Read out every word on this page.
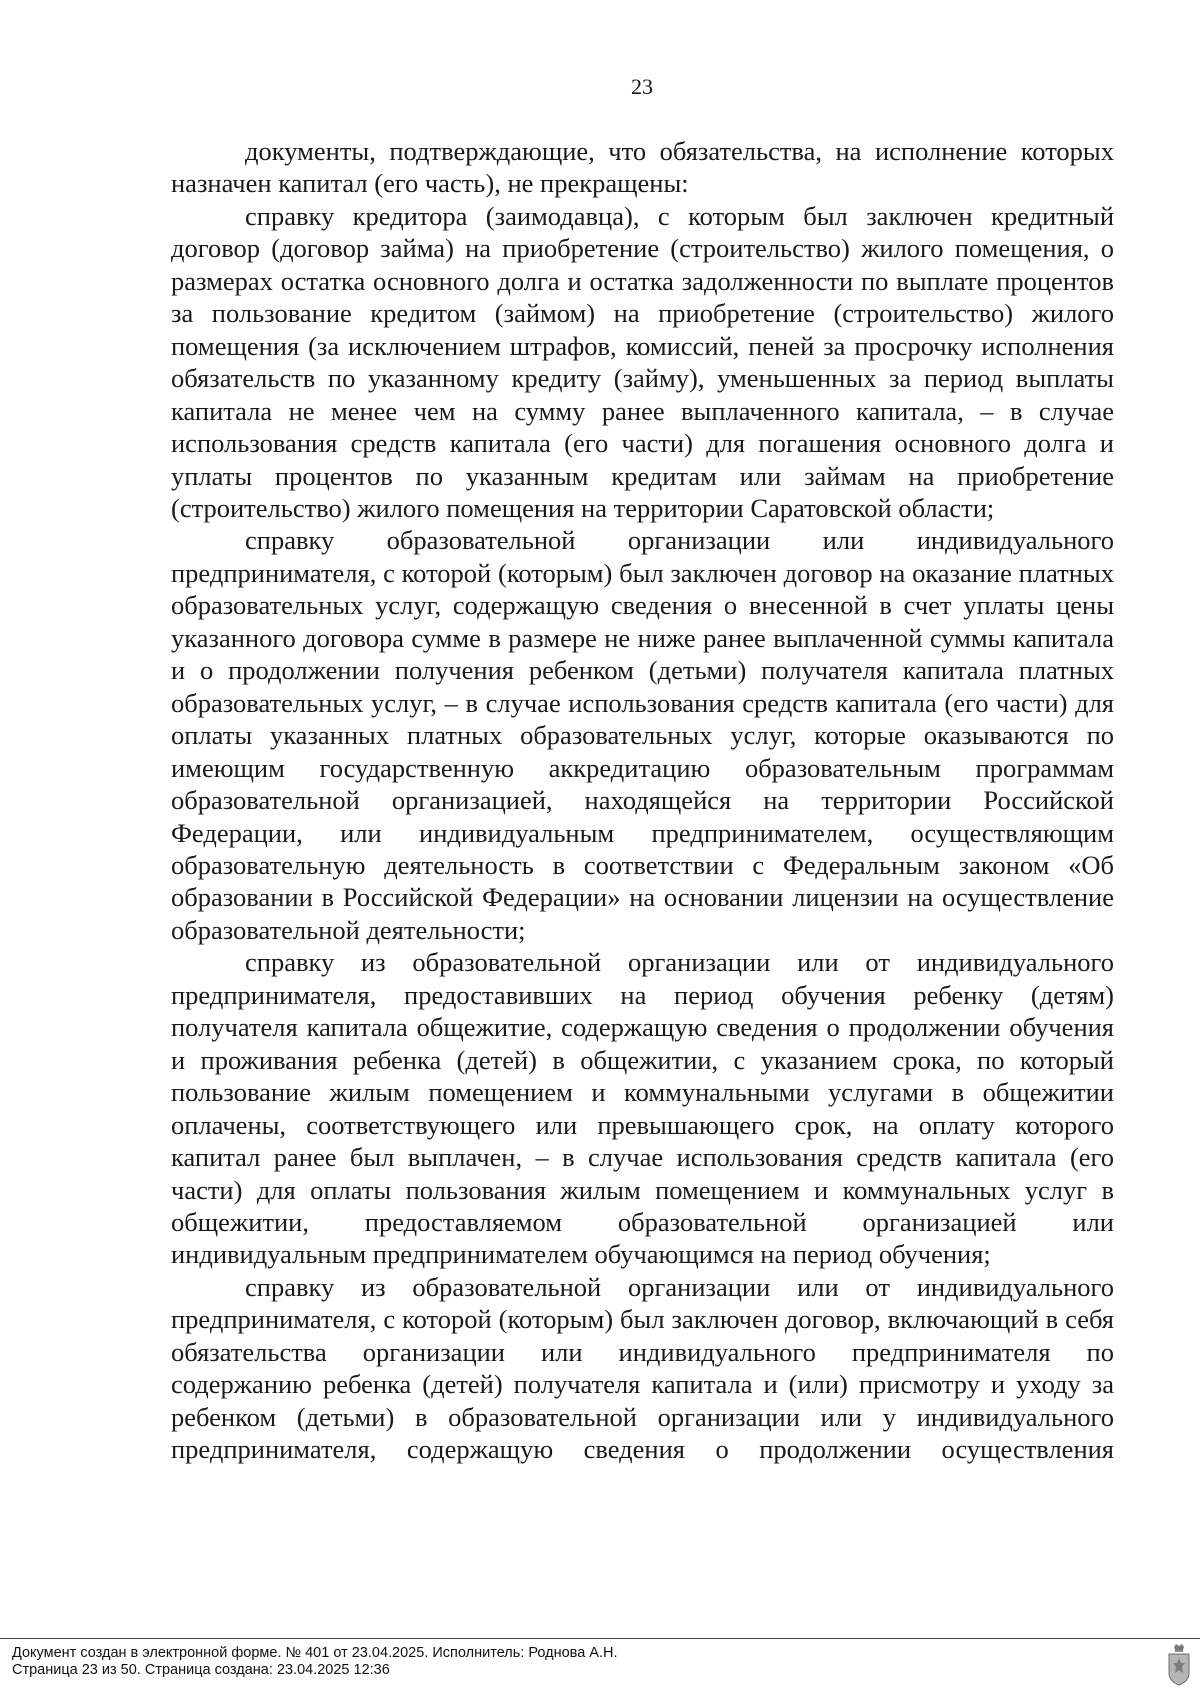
23

документы, подтверждающие, что обязательства, на исполнение которых назначен капитал (его часть), не прекращены:

справку кредитора (заимодавца), с которым был заключен кредитный договор (договор займа) на приобретение (строительство) жилого помещения, о размерах остатка основного долга и остатка задолженности по выплате процентов за пользование кредитом (займом) на приобретение (строительство) жилого помещения (за исключением штрафов, комиссий, пеней за просрочку исполнения обязательств по указанному кредиту (займу), уменьшенных за период выплаты капитала не менее чем на сумму ранее выплаченного капитала, – в случае использования средств капитала (его части) для погашения основного долга и уплаты процентов по указанным кредитам или займам на приобретение (строительство) жилого помещения на территории Саратовской области;

справку образовательной организации или индивидуального предпринимателя, с которой (которым) был заключен договор на оказание платных образовательных услуг, содержащую сведения о внесенной в счет уплаты цены указанного договора сумме в размере не ниже ранее выплаченной суммы капитала и о продолжении получения ребенком (детьми) получателя капитала платных образовательных услуг, – в случае использования средств капитала (его части) для оплаты указанных платных образовательных услуг, которые оказываются по имеющим государственную аккредитацию образовательным программам образовательной организацией, находящейся на территории Российской Федерации, или индивидуальным предпринимателем, осуществляющим образовательную деятельность в соответствии с Федеральным законом «Об образовании в Российской Федерации» на основании лицензии на осуществление образовательной деятельности;

справку из образовательной организации или от индивидуального предпринимателя, предоставивших на период обучения ребенку (детям) получателя капитала общежитие, содержащую сведения о продолжении обучения и проживания ребенка (детей) в общежитии, с указанием срока, по который пользование жилым помещением и коммунальными услугами в общежитии оплачены, соответствующего или превышающего срок, на оплату которого капитал ранее был выплачен, – в случае использования средств капитала (его части) для оплаты пользования жилым помещением и коммунальных услуг в общежитии, предоставляемом образовательной организацией или индивидуальным предпринимателем обучающимся на период обучения;

справку из образовательной организации или от индивидуального предпринимателя, с которой (которым) был заключен договор, включающий в себя обязательства организации или индивидуального предпринимателя по содержанию ребенка (детей) получателя капитала и (или) присмотру и уходу за ребенком (детьми) в образовательной организации или у индивидуального предпринимателя, содержащую сведения о продолжении осуществления

Документ создан в электронной форме. № 401 от 23.04.2025. Исполнитель: Роднова А.Н.
Страница 23 из 50. Страница создана: 23.04.2025 12:36
